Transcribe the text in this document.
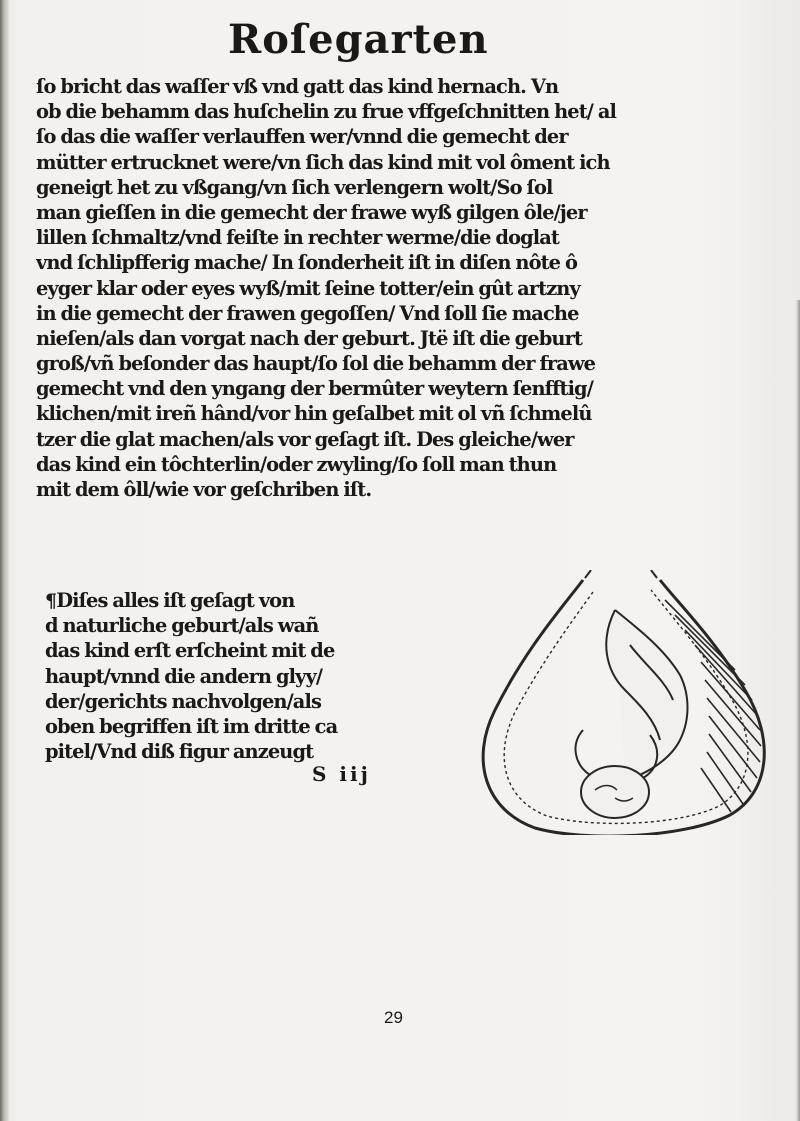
Roſegarten
ſo bricht das waſſer vß vnd gatt das kind hernach. Vn
ob die behamm das huſchelin zu frue vffgeſchnitten het/ al
ſo das die waſſer verlauffen wer/vnnd die gemecht der
mütter ertrucknet were/vn ſich das kind mit vol ôment ich
geneigt het zu vßgang/vn ſich verlengern wolt/So ſol
man gieſſen in die gemecht der frawe wyß gilgen ôle/jer
lillen ſchmaltz/vnd feiſte in rechter werme/die doglat
vnd ſchlipfferig mache/ In ſonderheit iſt in diſen nôte ô
eyger klar oder eyes wyß/mit ſeine totter/ein gût artzny
in die gemecht der frawen gegoſſen/ Vnd ſoll ſie mache
nieſen/als dan vorgat nach der geburt. Jtë iſt die geburt
groß/vñ beſonder das haupt/ſo ſol die behamm der frawe
gemecht vnd den yngang der bermûter weytern ſenfftig/
klichen/mit ireñ hând/vor hin geſalbet mit ol vñ ſchmelû
tzer die glat machen/als vor geſagt iſt. Des gleiche/wer
das kind ein tôchterlin/oder zwyling/ſo ſoll man thun
mit dem ôll/wie vor geſchriben iſt.
¶Diſes alles iſt geſagt von
d naturliche geburt/als wañ
das kind erſt erſcheint mit de
haupt/vnnd die andern glyy/
der/gerichts nachvolgen/als
oben begriffen iſt im dritte ca
pitel/Vnd diß figur anzeugt
S iij
29
